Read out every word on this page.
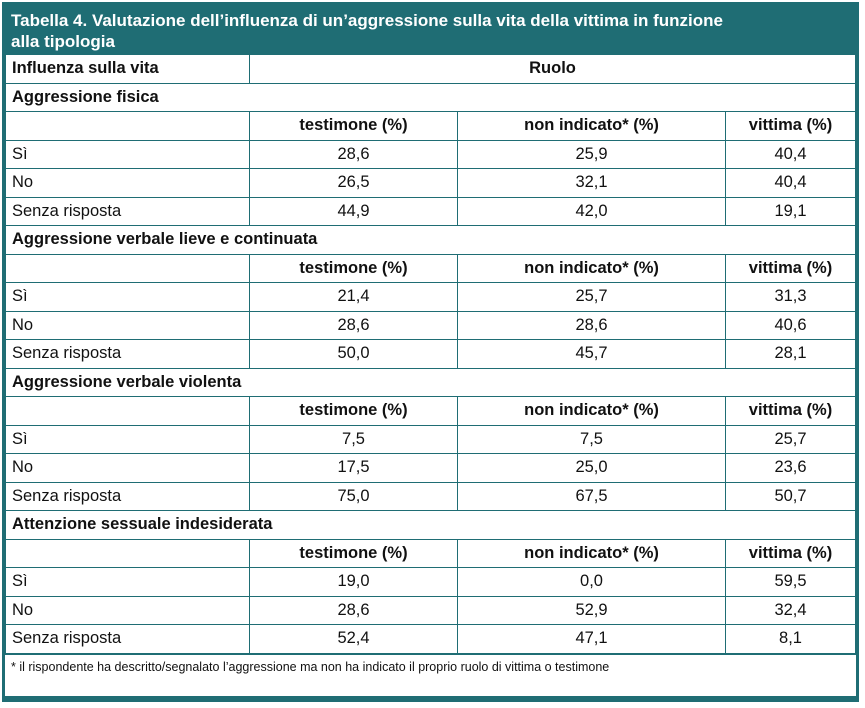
Tabella 4. Valutazione dell’influenza di un’aggressione sulla vita della vittima in funzione
alla tipologia
Influenza sulla vita	Ruolo		
Aggressione fisica			
	testimone (%)	non indicato* (%)	vittima (%)
Sì	28,6	25,9	40,4
No	26,5	32,1	40,4
Senza risposta	44,9	42,0	19,1
Aggressione verbale lieve e continuata			
	testimone (%)	non indicato* (%)	vittima (%)
Sì	21,4	25,7	31,3
No	28,6	28,6	40,6
Senza risposta	50,0	45,7	28,1
Aggressione verbale violenta			
	testimone (%)	non indicato* (%)	vittima (%)
Sì	7,5	7,5	25,7
No	17,5	25,0	23,6
Senza risposta	75,0	67,5	50,7
Attenzione sessuale indesiderata			
	testimone (%)	non indicato* (%)	vittima (%)
Sì	19,0	0,0	59,5
No	28,6	52,9	32,4
Senza risposta	52,4	47,1	8,1
* il rispondente ha descritto/segnalato l’aggressione ma non ha indicato il proprio ruolo di vittima o testimone
